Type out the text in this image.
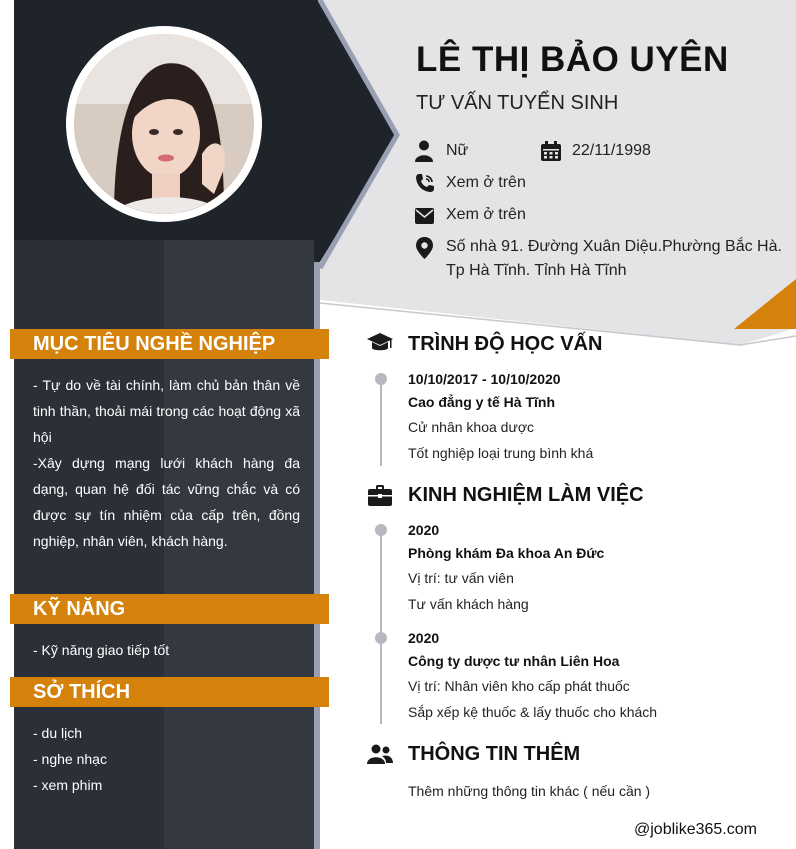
LÊ THỊ BẢO UYÊN
TƯ VẤN TUYỂN SINH
Nữ	22/11/1998
Xem ở trên
Xem ở trên
Số nhà 91. Đường Xuân Diệu.Phường Bắc Hà.
Tp Hà Tĩnh. Tỉnh Hà Tĩnh
MỤC TIÊU NGHỀ NGHIỆP
- Tự do về tài chính, làm chủ bản thân về tinh thần, thoải mái trong các hoạt động xã hội
-Xây dựng mạng lưới khách hàng đa dạng, quan hệ đối tác vững chắc và có được sự tín nhiệm của cấp trên, đồng nghiệp, nhân viên, khách hàng.
KỸ NĂNG
- Kỹ năng giao tiếp tốt
SỞ THÍCH
- du lịch
- nghe nhạc
- xem phim
TRÌNH ĐỘ HỌC VẤN
10/10/2017 - 10/10/2020
Cao đẳng y tế Hà Tĩnh
Cử nhân khoa dược
Tốt nghiệp loại trung bình khá
KINH NGHIỆM LÀM VIỆC
2020
Phòng khám Đa khoa An Đức
Vị trí: tư vấn viên
Tư vấn khách hàng
2020
Công ty dược tư nhân Liên Hoa
Vị trí: Nhân viên kho cấp phát thuốc
Sắp xếp kệ thuốc & lấy thuốc cho khách
THÔNG TIN THÊM
Thêm những thông tin khác ( nếu cần )
@joblike365.com
